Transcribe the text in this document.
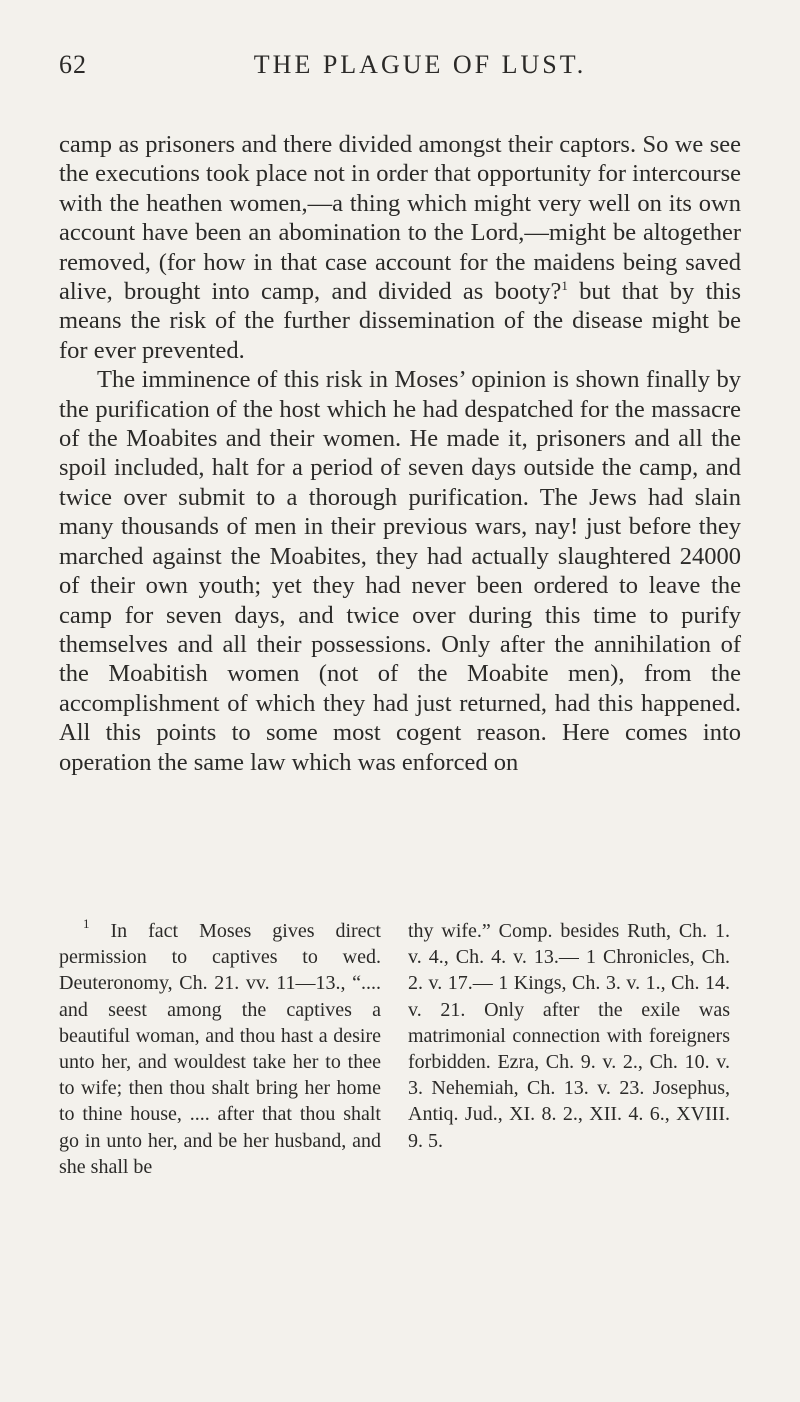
62	THE PLAGUE OF LUST.

camp as prisoners and there divided amongst their captors. So we see the executions took place not in order that opportunity for intercourse with the heathen women,—a thing which might very well on its own account have been an abomination to the Lord,—might be altogether removed, (for how in that case account for the maidens being saved alive, brought into camp, and divided as booty?$^1$ but that by this means the risk of the further dissemination of the disease might be for ever prevented.

The imminence of this risk in Moses’ opinion is shown finally by the purification of the host which he had despatched for the massacre of the Moabites and their women. He made it, prisoners and all the spoil included, halt for a period of seven days outside the camp, and twice over submit to a thorough purification. The Jews had slain many thousands of men in their previous wars, nay! just before they marched against the Moabites, they had actually slaughtered 24000 of their own youth; yet they had never been ordered to leave the camp for seven days, and twice over during this time to purify themselves and all their possessions. Only after the annihilation of the Moabitish women (not of the Moabite men), from the accomplishment of which they had just returned, had this happened. All this points to some most cogent reason. Here comes into operation the same law which was enforced on

$^1$ In fact Moses gives direct permission to captives to wed. Deuteronomy, Ch. 21. vv. 11—13., “.... and seest among the captives a beautiful woman, and thou hast a desire unto her, and wouldest take her to thee to wife; then thou shalt bring her home to thine house, .... after that thou shalt go in unto her, and be her husband, and she shall be
thy wife.” Comp. besides Ruth, Ch. 1. v. 4., Ch. 4. v. 13.— 1 Chronicles, Ch. 2. v. 17.— 1 Kings, Ch. 3. v. 1., Ch. 14. v. 21. Only after the exile was matrimonial connection with foreigners forbidden. Ezra, Ch. 9. v. 2., Ch. 10. v. 3. Nehemiah, Ch. 13. v. 23. Josephus, Antiq. Jud., XI. 8. 2., XII. 4. 6., XVIII. 9. 5.
